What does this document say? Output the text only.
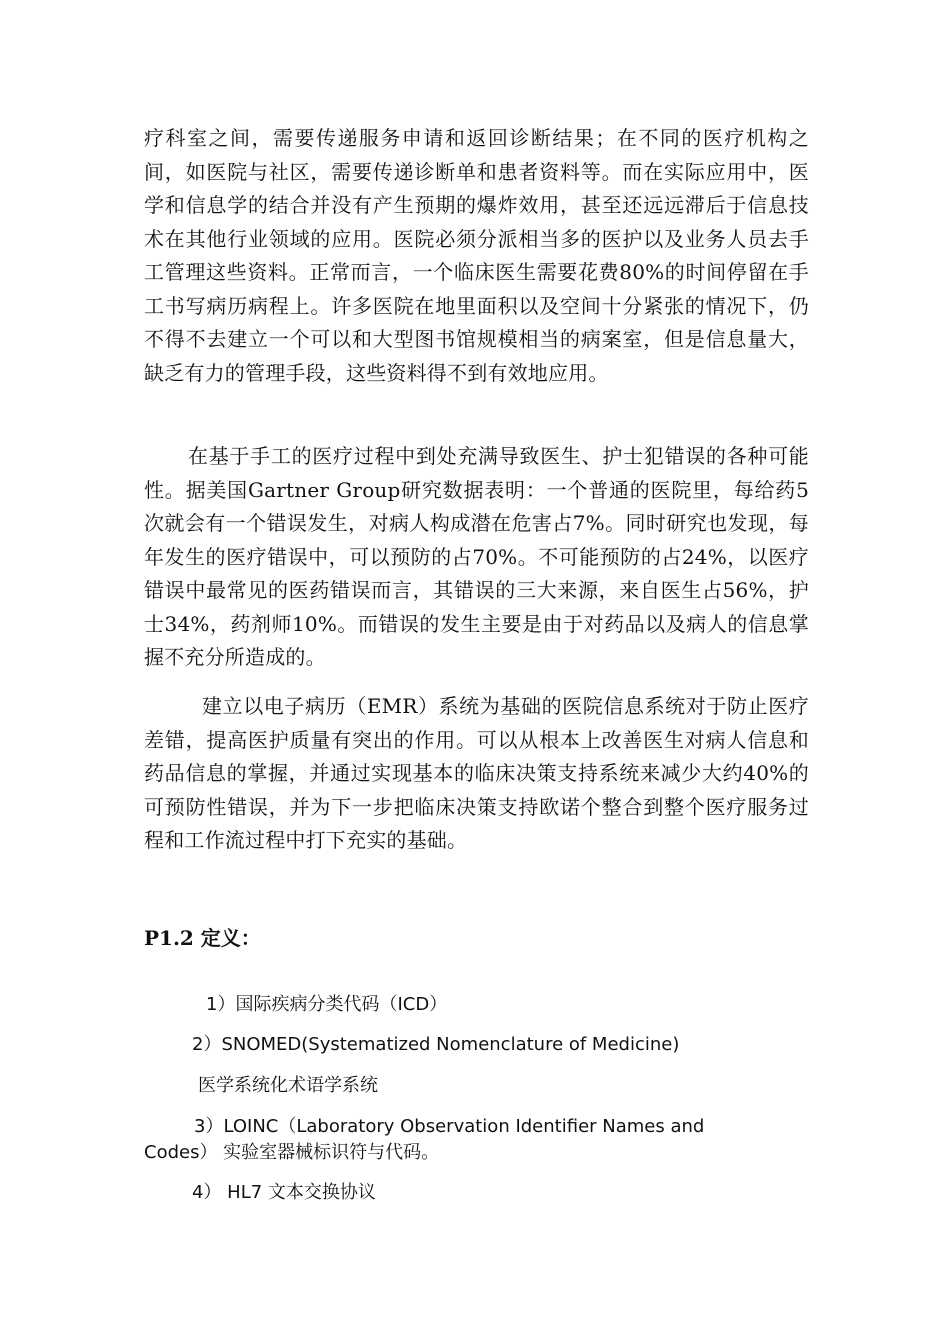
疗科室之间，需要传递服务申请和返回诊断结果；在不同的医疗机构之间，如医院与社区，需要传递诊断单和患者资料等。而在实际应用中，医学和信息学的结合并没有产生预期的爆炸效用，甚至还远远滞后于信息技术在其他行业领域的应用。医院必须分派相当多的医护以及业务人员去手工管理这些资料。正常而言，一个临床医生需要花费80%的时间停留在手工书写病历病程上。许多医院在地里面积以及空间十分紧张的情况下，仍不得不去建立一个可以和大型图书馆规模相当的病案室，但是信息量大，缺乏有力的管理手段，这些资料得不到有效地应用。

在基于手工的医疗过程中到处充满导致医生、护士犯错误的各种可能性。据美国Gartner Group研究数据表明：一个普通的医院里，每给药5次就会有一个错误发生，对病人构成潜在危害占7%。同时研究也发现，每年发生的医疗错误中，可以预防的占70%。不可能预防的占24%，以医疗错误中最常见的医药错误而言，其错误的三大来源，来自医生占56%，护士34%，药剂师10%。而错误的发生主要是由于对药品以及病人的信息掌握不充分所造成的。

建立以电子病历（EMR）系统为基础的医院信息系统对于防止医疗差错，提高医护质量有突出的作用。可以从根本上改善医生对病人信息和药品信息的掌握，并通过实现基本的临床决策支持系统来减少大约40%的可预防性错误，并为下一步把临床决策支持欧诺个整合到整个医疗服务过程和工作流过程中打下充实的基础。

P1.2 定义：

1）国际疾病分类代码（ICD）

2）SNOMED(Systematized Nomenclature of Medicine)

医学系统化术语学系统

3）LOINC（Laboratory Observation Identifier Names and Codes） 实验室器械标识符与代码。

4） HL7 文本交换协议
